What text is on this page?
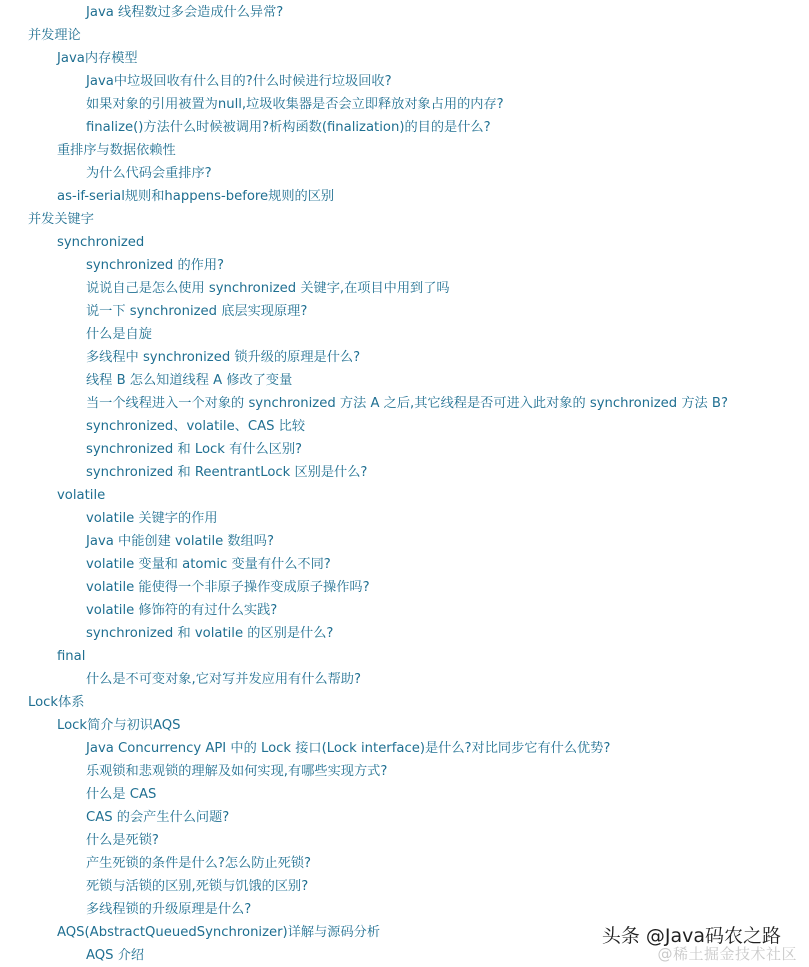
Java 线程数过多会造成什么异常?
并发理论
Java内存模型
Java中垃圾回收有什么目的?什么时候进行垃圾回收?
如果对象的引用被置为null,垃圾收集器是否会立即释放对象占用的内存?
finalize()方法什么时候被调用?析构函数(finalization)的目的是什么?
重排序与数据依赖性
为什么代码会重排序?
as-if-serial规则和happens-before规则的区别
并发关键字
synchronized
synchronized 的作用?
说说自己是怎么使用 synchronized 关键字,在项目中用到了吗
说一下 synchronized 底层实现原理?
什么是自旋
多线程中 synchronized 锁升级的原理是什么?
线程 B 怎么知道线程 A 修改了变量
当一个线程进入一个对象的 synchronized 方法 A 之后,其它线程是否可进入此对象的 synchronized 方法 B?
synchronized、volatile、CAS 比较
synchronized 和 Lock 有什么区别?
synchronized 和 ReentrantLock 区别是什么?
volatile
volatile 关键字的作用
Java 中能创建 volatile 数组吗?
volatile 变量和 atomic 变量有什么不同?
volatile 能使得一个非原子操作变成原子操作吗?
volatile 修饰符的有过什么实践?
synchronized 和 volatile 的区别是什么?
final
什么是不可变对象,它对写并发应用有什么帮助?
Lock体系
Lock简介与初识AQS
Java Concurrency API 中的 Lock 接口(Lock interface)是什么?对比同步它有什么优势?
乐观锁和悲观锁的理解及如何实现,有哪些实现方式?
什么是 CAS
CAS 的会产生什么问题?
什么是死锁?
产生死锁的条件是什么?怎么防止死锁?
死锁与活锁的区别,死锁与饥饿的区别?
多线程锁的升级原理是什么?
AQS(AbstractQueuedSynchronizer)详解与源码分析
AQS 介绍	@稀土掘金技术社区
头条 @Java码农之路
